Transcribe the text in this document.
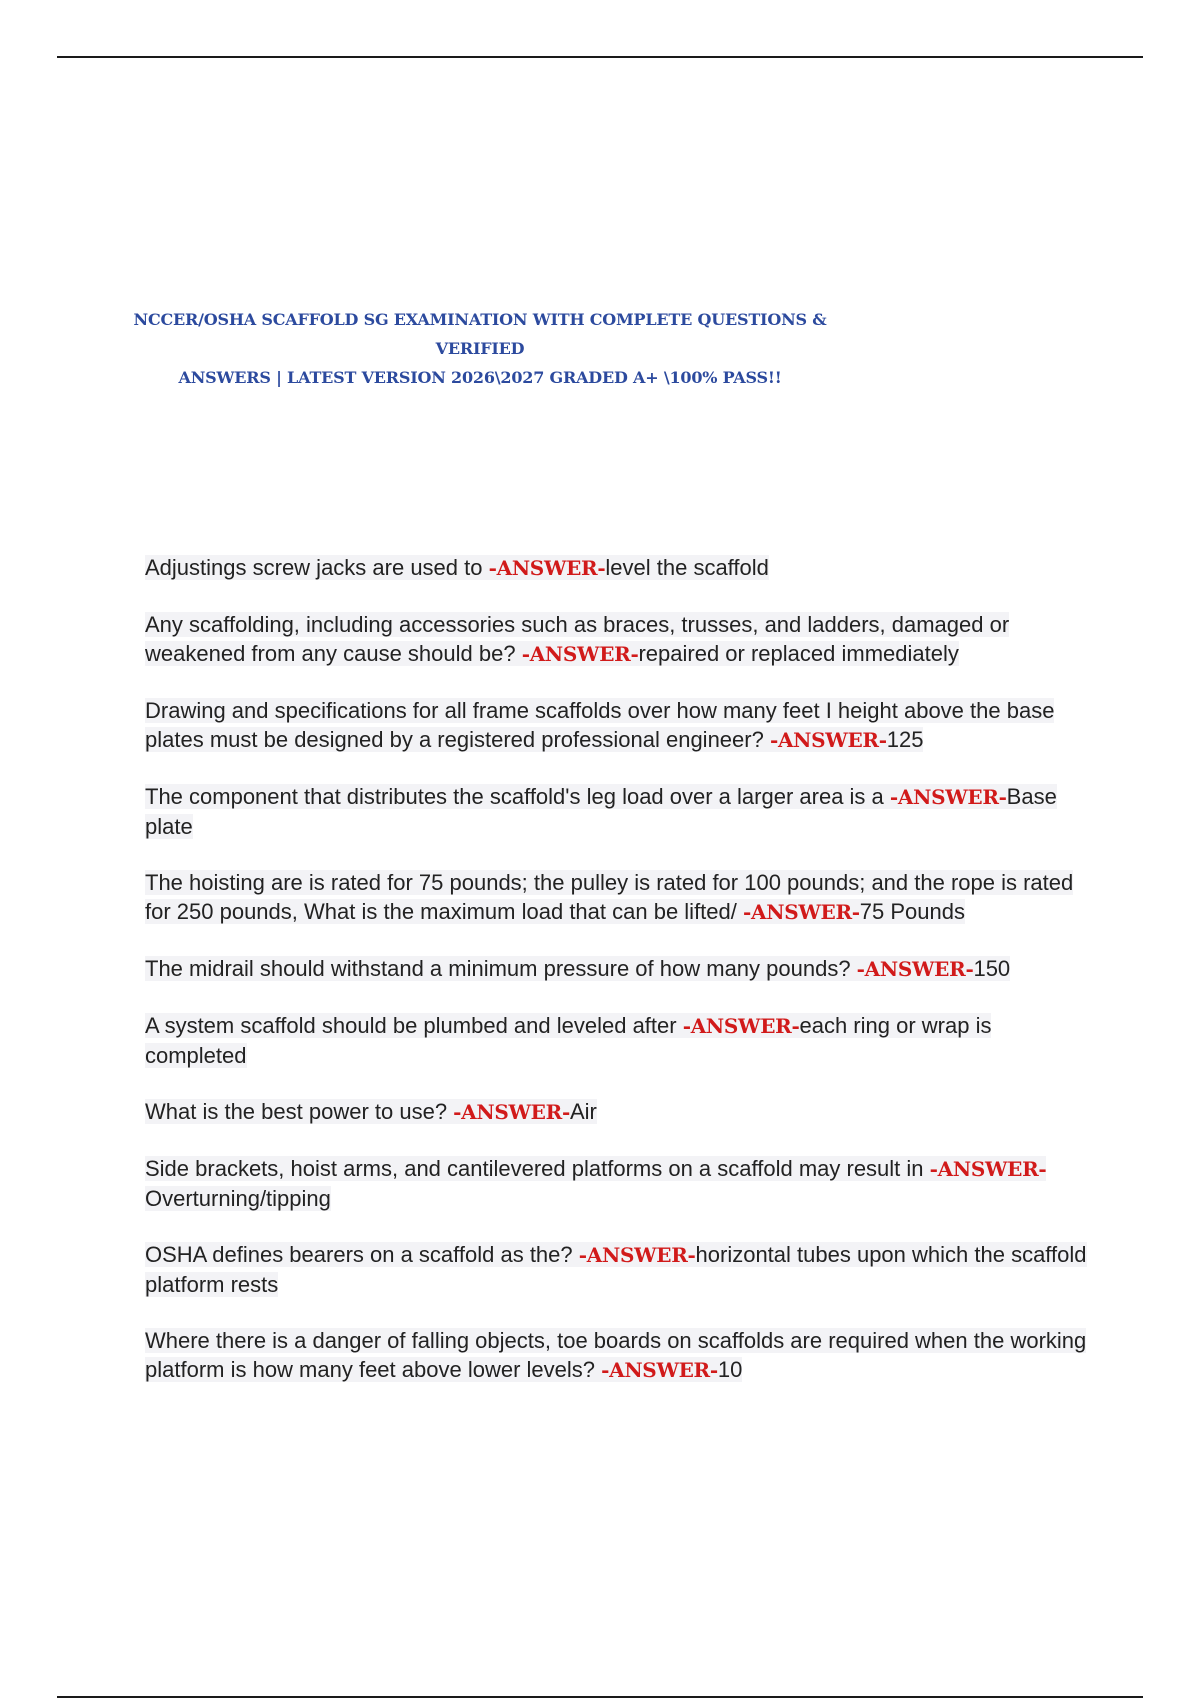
NCCER/OSHA SCAFFOLD SG EXAMINATION WITH COMPLETE QUESTIONS & VERIFIED
ANSWERS | LATEST VERSION 2026\2027 GRADED A+ \100% PASS!!
Adjustings screw jacks are used to -ANSWER-level the scaffold
Any scaffolding, including accessories such as braces, trusses, and ladders, damaged or weakened from any cause should be? -ANSWER-repaired or replaced immediately
Drawing and specifications for all frame scaffolds over how many feet I height above the base plates must be designed by a registered professional engineer? -ANSWER-125
The component that distributes the scaffold's leg load over a larger area is a -ANSWER-Base plate
The hoisting are is rated for 75 pounds; the pulley is rated for 100 pounds; and the rope is rated for 250 pounds, What is the maximum load that can be lifted/ -ANSWER-75 Pounds
The midrail should withstand a minimum pressure of how many pounds? -ANSWER-150
A system scaffold should be plumbed and leveled after -ANSWER-each ring or wrap is completed
What is the best power to use? -ANSWER-Air
Side brackets, hoist arms, and cantilevered platforms on a scaffold may result in -ANSWER-Overturning/tipping
OSHA defines bearers on a scaffold as the? -ANSWER-horizontal tubes upon which the scaffold platform rests
Where there is a danger of falling objects, toe boards on scaffolds are required when the working platform is how many feet above lower levels? -ANSWER-10
